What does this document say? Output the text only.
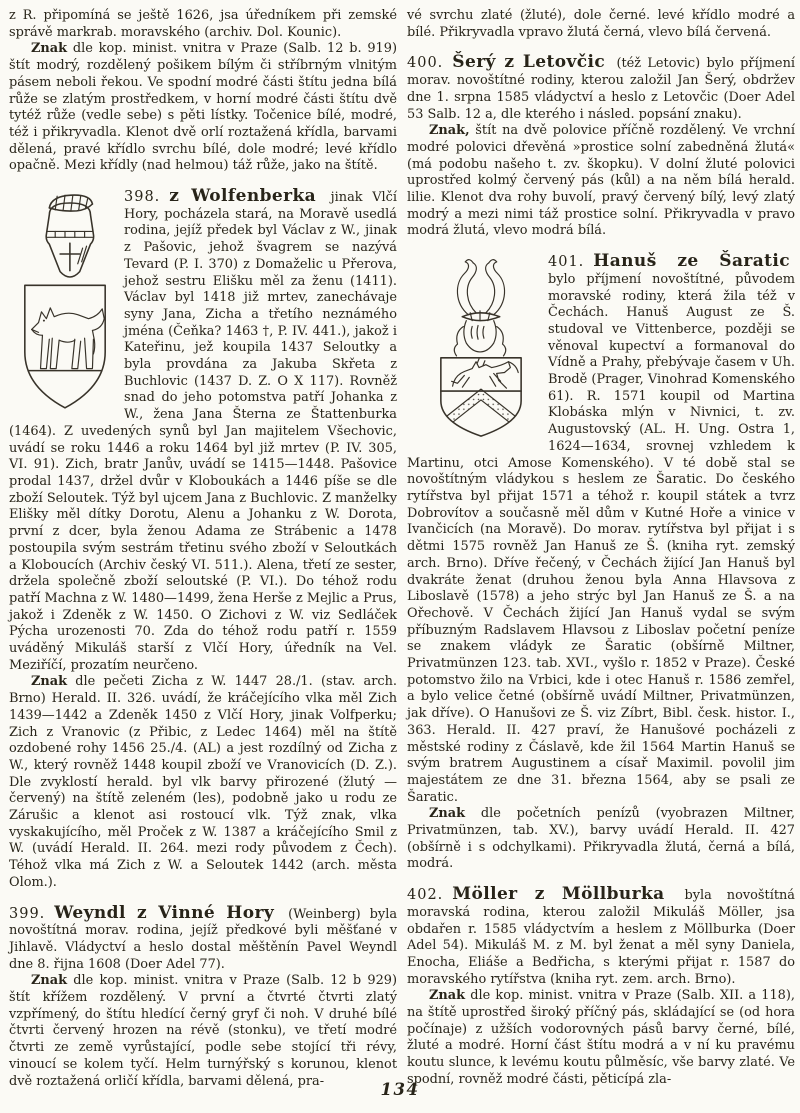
z R. připomíná se ještě 1626, jsa úředníkem při zemské správě markrab. moravského (archiv. Dol. Kounic).

Znak dle kop. minist. vnitra v Praze (Salb. 12 b. 919) štít modrý, rozdělený pošikem bílým či stříbrným vlnitým pásem neboli řekou. Ve spodní modré části štítu jedna bílá růže se zlatým prostředkem, v horní modré části štítu dvě tytéž růže (vedle sebe) s pěti lístky. Točenice bílé, modré, též i přikryvadla. Klenot dvě orlí roztažená křídla, barvami dělená, pravé křídlo svrchu bílé, dole modré; levé křídlo opačně. Mezi křídly (nad helmou) táž růže, jako na štítě.

398. z Wolfenberka jinak Vlčí Hory, pocházela stará, na Moravě usedlá rodina, jejíž předek byl Václav z W., jinak z Pašovic, jehož švagrem se nazývá Tevard (P. I. 370) z Domaželic u Přerova, jehož sestru Elišku měl za ženu (1411). Václav byl 1418 již mrtev, zanechávaje syny Jana, Zicha a třetího neznámého jména (Čeňka? 1463 †, P. IV. 441.), jakož i Kateřinu, jež koupila 1437 Seloutky a byla provdána za Jakuba Skřeta z Buchlovic (1437 D. Z. O X 117). Rovněž snad do jeho potomstva patří Johanka z W., žena Jana Šterna ze Štattenburka (1464). Z uvedených synů byl Jan majitelem Všechovic, uvádí se roku 1446 a roku 1464 byl již mrtev (P. IV. 305, VI. 91). Zich, bratr Janův, uvádí se 1415—1448. Pašovice prodal 1437, držel dvůr v Kloboukách a 1446 píše se dle zboží Seloutek. Týž byl ujcem Jana z Buchlovic. Z manželky Elišky měl dítky Dorotu, Alenu a Johanku z W. Dorota, první z dcer, byla ženou Adama ze Strábenic a 1478 postoupila svým sestrám třetinu svého zboží v Seloutkách a Kloboucích (Archiv český VI. 511.). Alena, třetí ze sester, držela společně zboží seloutské (P. VI.). Do téhož rodu patří Machna z W. 1480—1499, žena Herše z Mejlic a Prus, jakož i Zdeněk z W. 1450. O Zichovi z W. viz Sedláček Pýcha urozenosti 70. Zda do téhož rodu patří r. 1559 uváděný Mikuláš starší z Vlčí Hory, úředník na Vel. Meziříčí, prozatím neurčeno.

Znak dle pečeti Zicha z W. 1447 28./1. (stav. arch. Brno) Herald. II. 326. uvádí, že kráčejícího vlka měl Zich 1439—1442 a Zdeněk 1450 z Vlčí Hory, jinak Volfperku; Zich z Vranovic (z Přibic, z Ledec 1464) měl na štítě ozdobené rohy 1456 25./4. (AL) a jest rozdílný od Zicha z W., který rovněž 1448 koupil zboží ve Vranovicích (D. Z.). Dle zvyklostí herald. byl vlk barvy přirozené (žlutý — červený) na štítě zeleném (les), podobně jako u rodu ze Zárušic a klenot asi rostoucí vlk. Týž znak, vlka vyskakujícího, měl Proček z W. 1387 a kráčejícího Smil z W. (uvádí Herald. II. 264. mezi rody původem z Čech). Téhož vlka má Zich z W. a Seloutek 1442 (arch. města Olom.).

399. Weyndl z Vinné Hory (Weinberg) byla novoštítná morav. rodina, jejíž předkové byli měšťané v Jihlavě. Vládyctví a heslo dostal měštěnín Pavel Weyndl dne 8. řijna 1608 (Doer Adel 77).

Znak dle kop. minist. vnitra v Praze (Salb. 12 b 929) štít křížem rozdělený. V první a čtvrté čtvrti zlatý vzpřímený, do štítu hledící černý gryf či noh. V druhé bílé čtvrti červený hrozen na révě (stonku), ve třetí modré čtvrti ze země vyrůstající, podle sebe stojící tři révy, vinoucí se kolem tyčí. Helm turnýřský s korunou, klenot dvě roztažená orličí křídla, barvami dělená, pra-

vé svrchu zlaté (žluté), dole černé. levé křídlo modré a bílé. Přikryvadla vpravo žlutá černá, vlevo bílá červená.

400. Šerý z Letovčic (též Letovic) bylo příjmení morav. novoštítné rodiny, kterou založil Jan Šerý, obdržev dne 1. srpna 1585 vládyctví a heslo z Letovčic (Doer Adel 53 Salb. 12 a, dle kterého i násled. popsání znaku).

Znak, štít na dvě polovice příčně rozdělený. Ve vrchní modré polovici dřevěná »prostice solní zabedněná žlutá« (má podobu našeho t. zv. škopku). V dolní žluté polovici uprostřed kolmý červený pás (kůl) a na něm bílá herald. lilie. Klenot dva rohy buvolí, pravý červený bílý, levý zlatý modrý a mezi nimi táž prostice solní. Přikryvadla v pravo modrá žlutá, vlevo modrá bílá.

401. Hanuš ze Šaratic
bylo příjmení novoštítné, původem moravské rodiny, která žila též v Čechách. Hanuš August ze Š. studoval ve Vittenberce, později se věnoval kupectví a formanoval do Vídně a Prahy, přebývaje časem v Uh. Brodě (Prager, Vinohrad Komenského 61). R. 1571 koupil od Martina Klobáska mlýn v Nivnici, t. zv. Augustovský (AL. H. Ung. Ostra 1, 1624—1634, srovnej vzhledem k Martinu, otci Amose Komenského). V té době stal se novoštítným vládykou s heslem ze Šaratic. Do českého rytířstva byl přijat 1571 a téhož r. koupil státek a tvrz Dobrovítov a současně měl dům v Kutné Hoře a vinice v Ivančicích (na Moravě). Do morav. rytířstva byl přijat i s dětmi 1575 rovněž Jan Hanuš ze Š. (kniha ryt. zemský arch. Brno). Dříve řečený, v Čechách žijící Jan Hanuš byl dvakráte ženat (druhou ženou byla Anna Hlavsova z Liboslavě (1578) a jeho strýc byl Jan Hanuš ze Š. a na Ořechově. V Čechách žijící Jan Hanuš vydal se svým příbuzným Radslavem Hlavsou z Liboslav početní peníze se znakem vládyk ze Šaratic (obšírně Miltner, Privatmünzen 123. tab. XVI., vyšlo r. 1852 v Praze). České potomstvo žilo na Vrbici, kde i otec Hanuš r. 1586 zemřel, a bylo velice četné (obšírně uvádí Miltner, Privatmünzen, jak dříve). O Hanušovi ze Š. viz Zíbrt, Bibl. česk. histor. I., 363. Herald. II. 427 praví, že Hanušové pocházeli z městské rodiny z Čáslavě, kde žil 1564 Martin Hanuš se svým bratrem Augustinem a císař Maximil. povolil jim majestátem ze dne 31. března 1564, aby se psali ze Šaratic.

Znak dle početních penízů (vyobrazen Miltner, Privatmünzen, tab. XV.), barvy uvádí Herald. II. 427 (obšírně i s odchylkami). Přikryvadla žlutá, černá a bílá, modrá.

402. Möller z Möllburka byla novoštítná moravská rodina, kterou založil Mikuláš Möller, jsa obdařen r. 1585 vládyctvím a heslem z Möllburka (Doer Adel 54). Mikuláš M. z M. byl ženat a měl syny Daniela, Enocha, Eliáše a Bedřicha, s kterými přijat r. 1587 do moravského rytířstva (kniha ryt. zem. arch. Brno).

Znak dle kop. minist. vnitra v Praze (Salb. XII. a 118), na štítě uprostřed široký příčný pás, skládající se (od hora počínaje) z užších vodorovných pásů barvy černé, bílé, žluté a modré. Horní část štítu modrá a v ní ku pravému koutu slunce, k levému koutu půlměsíc, vše barvy zlaté. Ve spodní, rovněž modré části, pěticípá zla-

134
